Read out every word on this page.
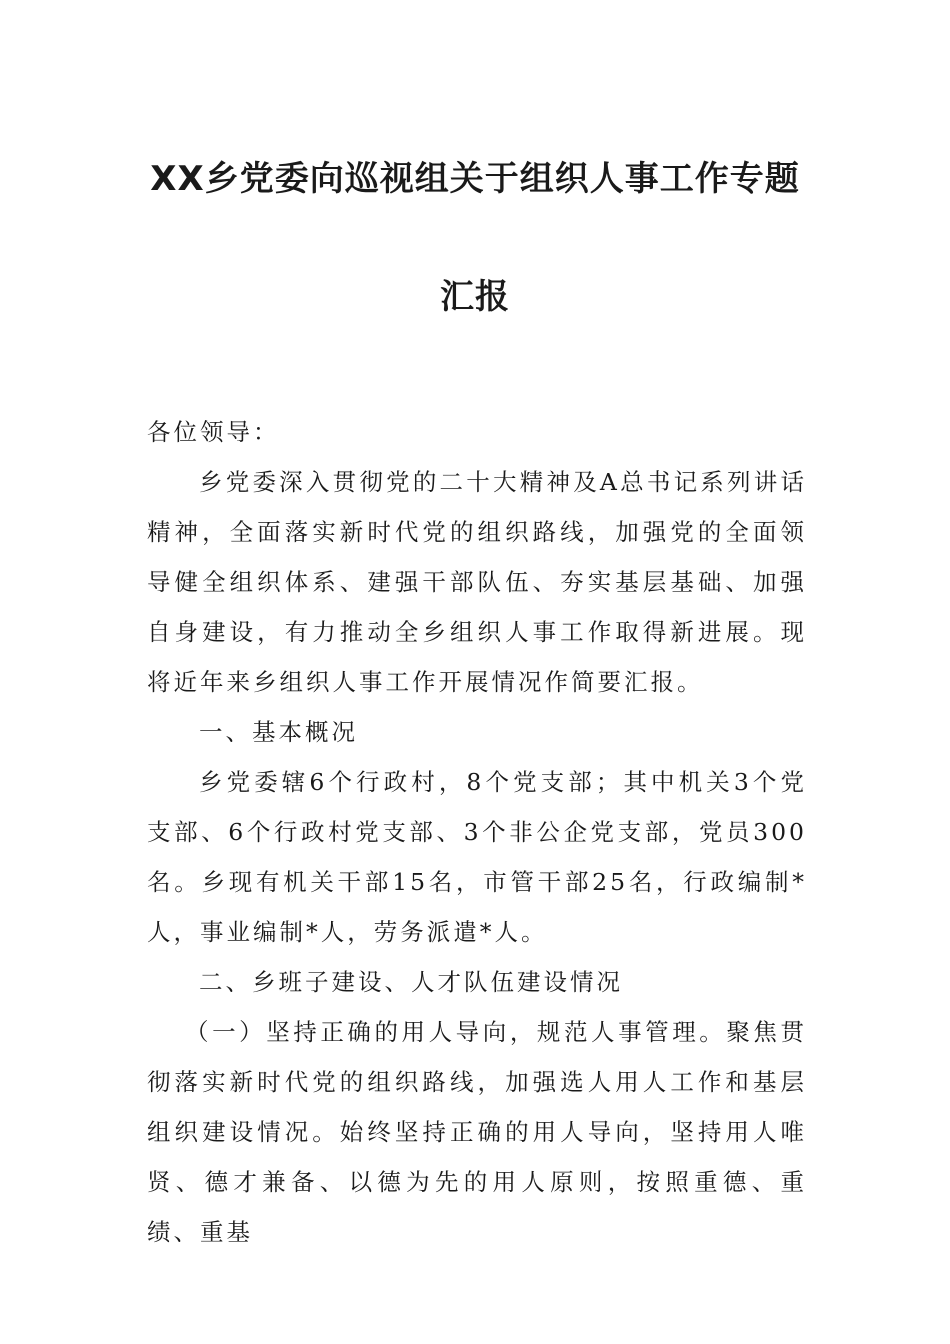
XX乡党委向巡视组关于组织人事工作专题
汇报

各位领导：

乡党委深入贯彻党的二十大精神及A总书记系列讲话精神，全面落实新时代党的组织路线，加强党的全面领导健全组织体系、建强干部队伍、夯实基层基础、加强自身建设，有力推动全乡组织人事工作取得新进展。现将近年来乡组织人事工作开展情况作简要汇报。

一、基本概况

乡党委辖6个行政村，8个党支部；其中机关3个党支部、6个行政村党支部、3个非公企党支部，党员300名。乡现有机关干部15名，市管干部25名，行政编制*人，事业编制*人，劳务派遣*人。

二、乡班子建设、人才队伍建设情况

（一）坚持正确的用人导向，规范人事管理。聚焦贯彻落实新时代党的组织路线，加强选人用人工作和基层组织建设情况。始终坚持正确的用人导向，坚持用人唯贤、德才兼备、以德为先的用人原则，按照重德、重绩、重基
